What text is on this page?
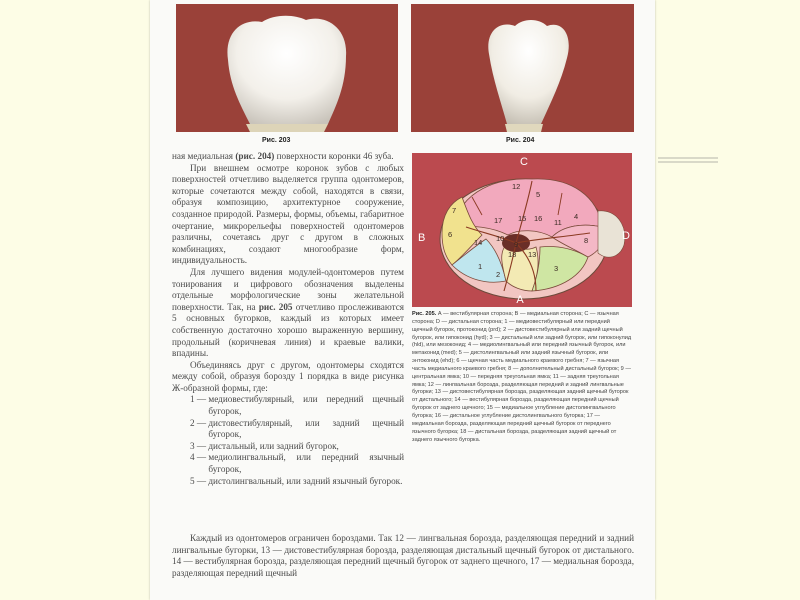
Рис. 203	Рис. 204

ная медиальная (рис. 204) поверхности коронки 46 зуба.

При внешнем осмотре коронок зубов с любых поверхностей отчетливо выделяется группа одонтомеров, которые сочетаются между собой, находятся в связи, образуя композицию, архитектурное сооружение, созданное природой. Размеры, формы, объемы, габаритное очертание, микрорельефы поверхностей одонтомеров различны, сочетаясь друг с другом в сложных комбинациях, создают многообразие форм, индивидуальность.

Для лучшего видения модулей-одонтомеров путем тонирования и цифрового обозначения выделены отдельные морфологические зоны желательной поверхности. Так, на рис. 205 отчетливо прослеживаются 5 основных бугорков, каждый из которых имеет собственную достаточно хорошо выраженную вершину, продольный (коричневая линия) и краевые валики, впадины.

Объединяясь друг с другом, одонтомеры сходятся между собой, образуя борозду 1 порядка в виде рисунка Ж-образной формы, где:

1 —
медиовестибулярный, или передний щечный бугорок,
2 —
дистовестибулярный, или задний щечный бугорок,
3 —
дистальный, или задний бугорок,
4 —
медиолингвальный, или передний язычный бугорок,
5 —
дистолингвальный, или задний язычный бугорок.
C
B	D
A
12
5
7
17 15 16 11
9
10
14
18 13
2
3
4
6
8
1
Рис. 205. А — вестибулярная сторона; В — медиальная сторона; С — язычная сторона; D — дистальная сторона; 1 — медиовестибулярный или передний щечный бугорок, протоконид (prd); 2 — дистовестибулярный или задний щечный бугорок, или гипоконид (hyd); 3 — дистальный или задний бугорок, или гипоконулид (hld), или мезоконид; 4 — медиолингвальный или передний язычный бугорок, или метаконид (med); 5 — дистолингвальный или задний язычный бугорок, или энтоконид (ehd); 6 — щечная часть медиального краевого гребня; 7 — язычная часть медиального краевого гребня; 8 — дополнительный дистальный бугорок; 9 — центральная ямка; 10 — передняя треугольная ямка; 11 — задняя треугольная ямка; 12 — лингвальная борозда, разделяющая передний и задний лингвальные бугорки; 13 — дистовестибулярная борозда, разделяющая задний щечный бугорок от дистального; 14 — вестибулярная борозда, разделяющая передний щечный бугорок от заднего щечного; 15 — медиальное углубление дистолингвального бугорка; 16 — дистальное углубление дистолингвального бугорка; 17 — медиальная борозда, разделяющая передний щечный бугорок от переднего язычного бугорка; 18 — дистальная борозда, разделяющая задний щечный от заднего язычного бугорка.

Каждый из одонтомеров ограничен бороздами. Так 12 — лингвальная борозда, разделяющая передний и задний лингвальные бугорки, 13 — дистовестибулярная борозда, разделяющая дистальный щечный бугорок от дистального. 14 — вестибулярная борозда, разделяющая передний щечный бугорок от заднего щечного, 17 — медиальная борозда, разделяющая передний щечный
